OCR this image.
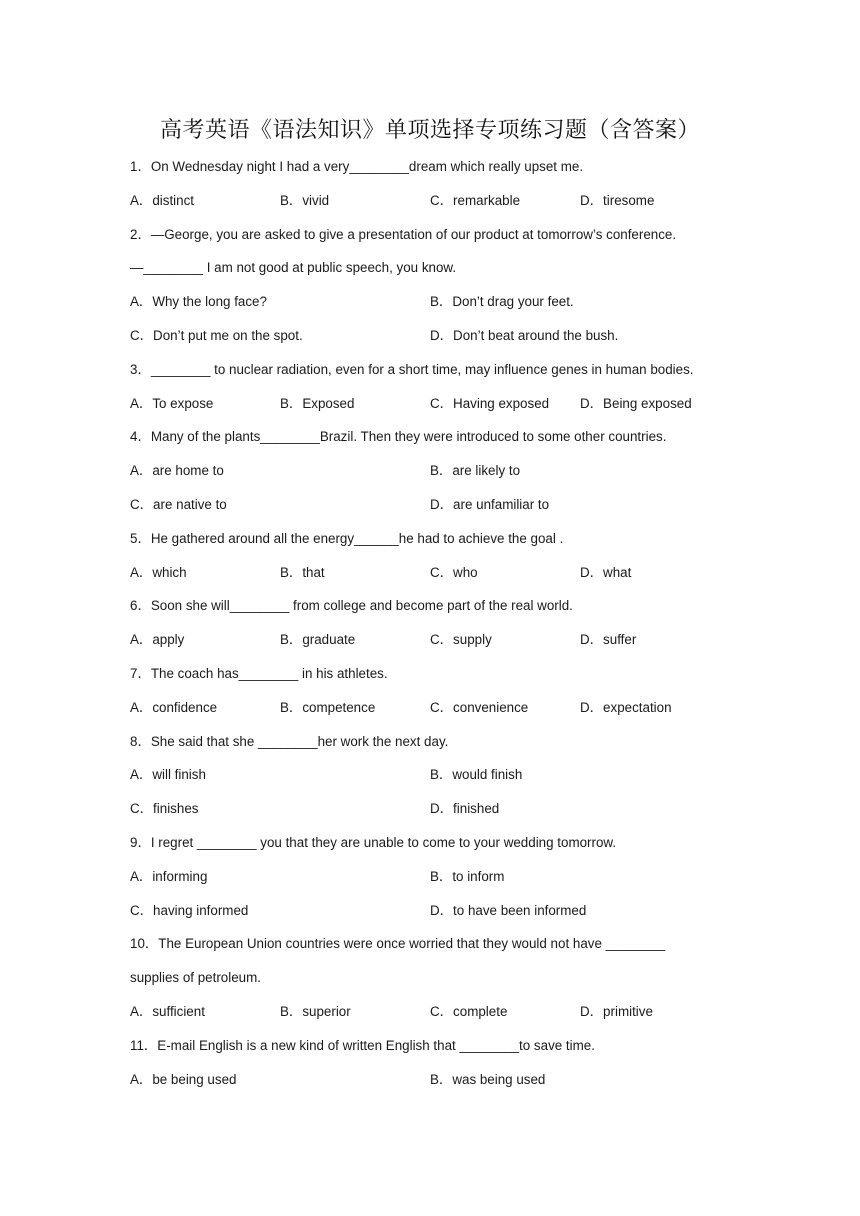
高考英语《语法知识》单项选择专项练习题（含答案）
1．On Wednesday night I had a very________dream which really upset me.
A．distinct	B．vivid	C．remarkable	D．tiresome
2．—George, you are asked to give a presentation of our product at tomorrow’s conference.
—________ I am not good at public speech, you know.
A．Why the long face?	B．Don’t drag your feet.
C．Don’t put me on the spot.	D．Don’t beat around the bush.
3．________ to nuclear radiation, even for a short time, may influence genes in human bodies.
A．To expose	B．Exposed	C．Having exposed D．Being exposed
4．Many of the plants________Brazil. Then they were introduced to some other countries.
A．are home to	B．are likely to
C．are native to	D．are unfamiliar to
5．He gathered around all the energy______he had to achieve the goal .
A．which	B．that	C．who	D．what
6．Soon she will________ from college and become part of the real world.
A．apply	B．graduate	C．supply	D．suffer
7．The coach has________ in his athletes.
A．confidence	B．competence	C．convenience	D．expectation
8．She said that she ________her work the next day.
A．will finish	B．would finish
C．finishes	D．finished
9．I regret ________ you that they are unable to come to your wedding tomorrow.
A．informing	B．to inform
C．having informed	D．to have been informed
10．The European Union countries were once worried that they would not have ________
supplies of petroleum.
A．sufficient	B．superior	C．complete	D．primitive
11．E-mail English is a new kind of written English that ________to save time.
A．be being used	B．was being used
